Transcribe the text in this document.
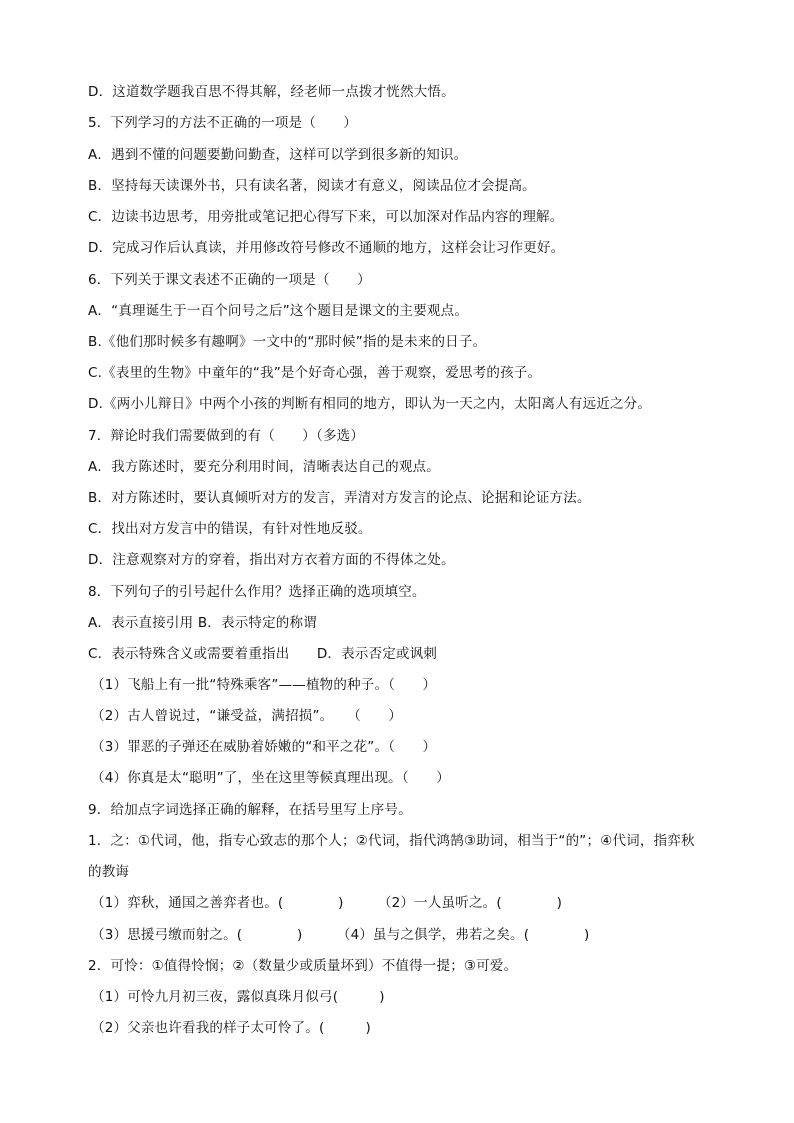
D．这道数学题我百思不得其解，经老师一点拨才恍然大悟。
5．下列学习的方法不正确的一项是（　　）
A．遇到不懂的问题要勤问勤查，这样可以学到很多新的知识。
B．坚持每天读课外书，只有读名著，阅读才有意义，阅读品位才会提高。
C．边读书边思考，用旁批或笔记把心得写下来，可以加深对作品内容的理解。
D．完成习作后认真读，并用修改符号修改不通顺的地方，这样会让习作更好。
6．下列关于课文表述不正确的一项是（　　）
A．“真理诞生于一百个问号之后”这个题目是课文的主要观点。
B.《他们那时候多有趣啊》一文中的“那时候”指的是未来的日子。
C.《表里的生物》中童年的“我”是个好奇心强，善于观察，爱思考的孩子。
D.《两小儿辩日》中两个小孩的判断有相同的地方，即认为一天之内，太阳离人有远近之分。
7．辩论时我们需要做到的有（　　）（多选）
A．我方陈述时，要充分利用时间，清晰表达自己的观点。
B．对方陈述时，要认真倾听对方的发言，弄清对方发言的论点、论据和论证方法。
C．找出对方发言中的错误，有针对性地反驳。
D．注意观察对方的穿着，指出对方衣着方面的不得体之处。
8．下列句子的引号起什么作用？选择正确的选项填空。
A．表示直接引用 B．表示特定的称谓
C．表示特殊含义或需要着重指出　　D．表示否定或讽刺
（1）飞船上有一批“特殊乘客”——植物的种子。（　　）
（2）古人曾说过，“谦受益，满招损”。　　（　　）
（3）罪恶的子弹还在威胁着娇嫩的“和平之花”。（　　）
（4）你真是太“聪明”了，坐在这里等候真理出现。（　　）
9．给加点字词选择正确的解释，在括号里写上序号。
1．之：①代词，他，指专心致志的那个人；②代词，指代鸿鹄③助词，相当于“的”；④代词，指弈秋
的教诲
（1）弈秋，通国之善弈者也。(　　　　)　　　（2）一人虽听之。(　　　　)
（3）思援弓缴而射之。(　　　　)　　　（4）虽与之俱学，弗若之矣。(　　　　)
2．可怜：①值得怜悯；②（数量少或质量坏到）不值得一提；③可爱。
（1）可怜九月初三夜，露似真珠月似弓(　　　)
（2）父亲也许看我的样子太可怜了。(　　　)
